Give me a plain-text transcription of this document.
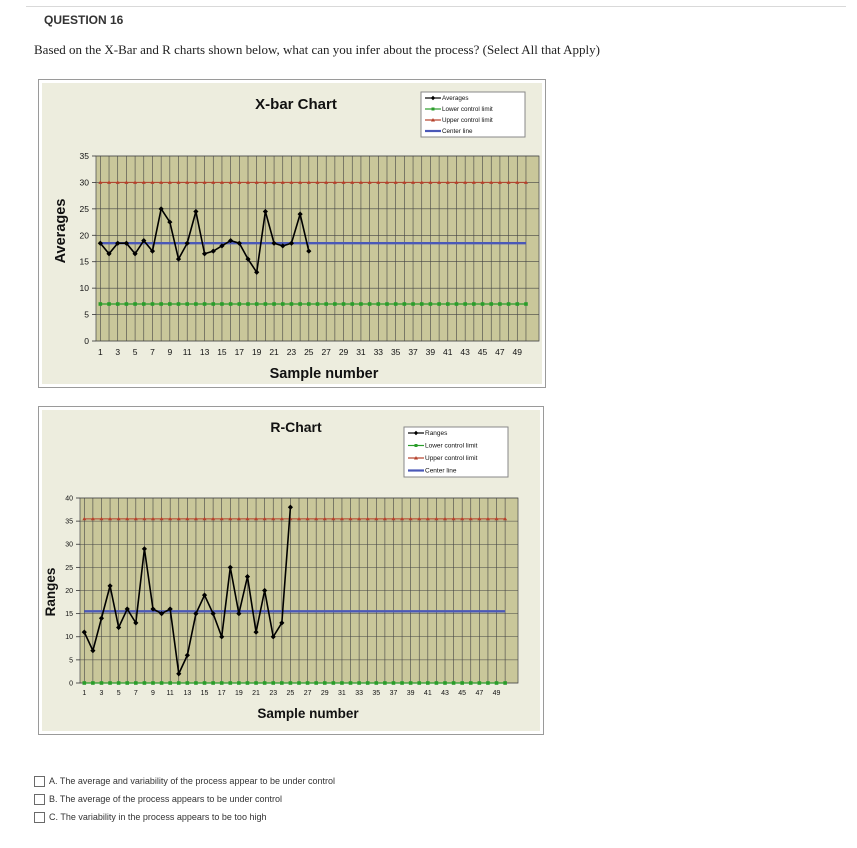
QUESTION 16
Based on the X-Bar and R charts shown below, what can you infer about the process? (Select All that Apply)
X-bar Chart	Averages
Lower control limit
Upper control limit
Center line
0
5
10
15
20
25
30
35
1 3 5 7 9 11 13 15 17 19 21 23 25 27 29 31 33 35 37 39 41 43 45 47 49
Sample number
Averages
R-Chart	Ranges
Lower control limit
Upper control limit
Center line
0
5
10
15
20
25
30
35
40
1 3 5 7 9 11 13 15 17 19 21 23 25 27 29 31 33 35 37 39 41 43 45 47 49
Sample number
Ranges
A. The average and variability of the process appear to be under control
B. The average of the process appears to be under control
C. The variability in the process appears to be too high
